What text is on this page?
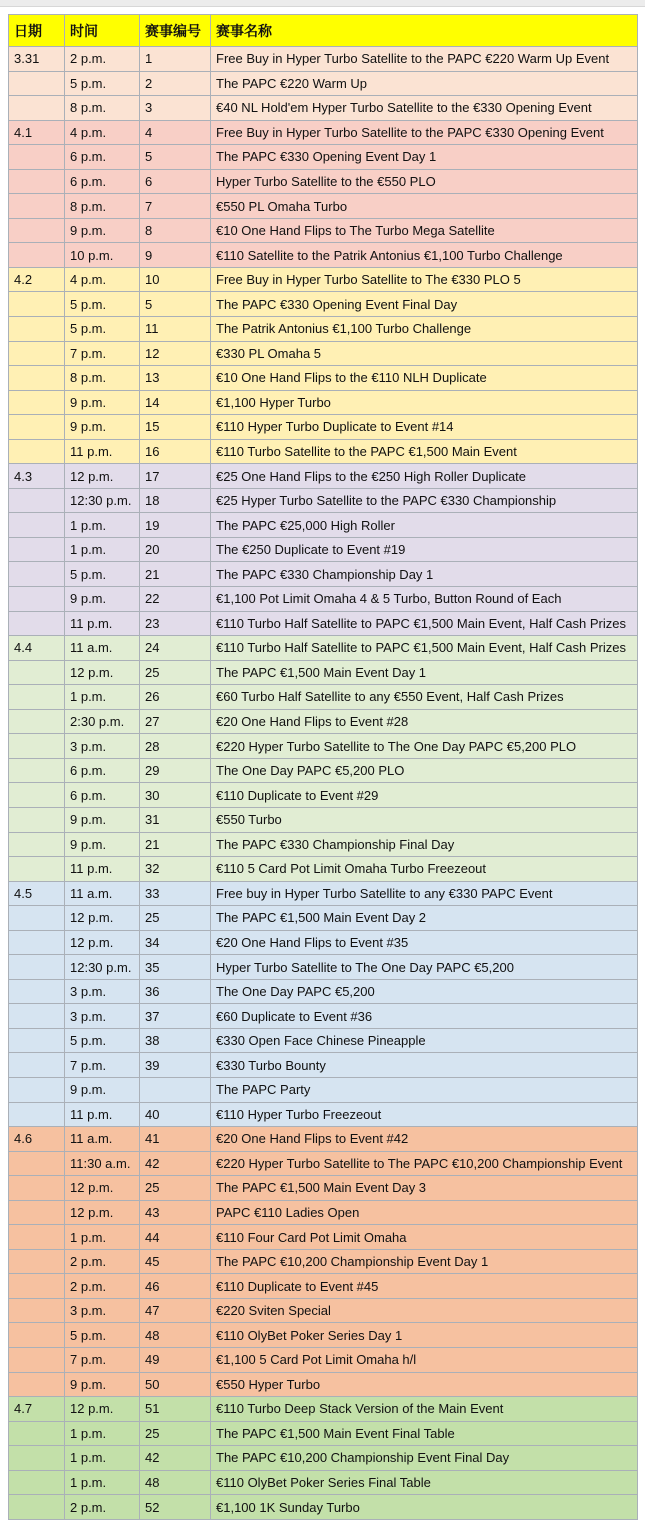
日期	时间	赛事编号	赛事名称
3.31	2 p.m.	1	Free Buy in Hyper Turbo Satellite to the PAPC €220 Warm Up Event
	5 p.m.	2	The PAPC €220 Warm Up
	8 p.m.	3	€40 NL Hold'em Hyper Turbo Satellite to the €330 Opening Event
4.1	4 p.m.	4	Free Buy in Hyper Turbo Satellite to the PAPC €330 Opening Event
	6 p.m.	5	The PAPC €330 Opening Event Day 1
	6 p.m.	6	Hyper Turbo Satellite to the €550 PLO
	8 p.m.	7	€550 PL Omaha Turbo
	9 p.m.	8	€10 One Hand Flips to The Turbo Mega Satellite
	10 p.m.	9	€110 Satellite to the Patrik Antonius €1,100 Turbo Challenge
4.2	4 p.m.	10	Free Buy in Hyper Turbo Satellite to The €330 PLO 5
	5 p.m.	5	The PAPC €330 Opening Event Final Day
	5 p.m.	11	The Patrik Antonius €1,100 Turbo Challenge
	7 p.m.	12	€330 PL Omaha 5
	8 p.m.	13	€10 One Hand Flips to the €110 NLH Duplicate
	9 p.m.	14	€1,100 Hyper Turbo
	9 p.m.	15	€110 Hyper Turbo Duplicate to Event #14
	11 p.m.	16	€110 Turbo Satellite to the PAPC €1,500 Main Event
4.3	12 p.m.	17	€25 One Hand Flips to the €250 High Roller Duplicate
	12:30 p.m.	18	€25 Hyper Turbo Satellite to the PAPC €330 Championship
	1 p.m.	19	The PAPC €25,000 High Roller
	1 p.m.	20	The €250 Duplicate to Event #19
	5 p.m.	21	The PAPC €330 Championship Day 1
	9 p.m.	22	€1,100 Pot Limit Omaha 4 & 5 Turbo, Button Round of Each
	11 p.m.	23	€110 Turbo Half Satellite to PAPC €1,500 Main Event, Half Cash Prizes
4.4	11 a.m.	24	€110 Turbo Half Satellite to PAPC €1,500 Main Event, Half Cash Prizes
	12 p.m.	25	The PAPC €1,500 Main Event Day 1
	1 p.m.	26	€60 Turbo Half Satellite to any €550 Event, Half Cash Prizes
	2:30 p.m.	27	€20 One Hand Flips to Event #28
	3 p.m.	28	€220 Hyper Turbo Satellite to The One Day PAPC €5,200 PLO
	6 p.m.	29	The One Day PAPC €5,200 PLO
	6 p.m.	30	€110 Duplicate to Event #29
	9 p.m.	31	€550 Turbo
	9 p.m.	21	The PAPC €330 Championship Final Day
	11 p.m.	32	€110 5 Card Pot Limit Omaha Turbo Freezeout
4.5	11 a.m.	33	Free buy in Hyper Turbo Satellite to any €330 PAPC Event
	12 p.m.	25	The PAPC €1,500 Main Event Day 2
	12 p.m.	34	€20 One Hand Flips to Event #35
	12:30 p.m.	35	Hyper Turbo Satellite to The One Day PAPC €5,200
	3 p.m.	36	The One Day PAPC €5,200
	3 p.m.	37	€60 Duplicate to Event #36
	5 p.m.	38	€330 Open Face Chinese Pineapple
	7 p.m.	39	€330 Turbo Bounty
	9 p.m.		The PAPC Party
	11 p.m.	40	€110 Hyper Turbo Freezeout
4.6	11 a.m.	41	€20 One Hand Flips to Event #42
	11:30 a.m.	42	€220 Hyper Turbo Satellite to The PAPC €10,200 Championship Event
	12 p.m.	25	The PAPC €1,500 Main Event Day 3
	12 p.m.	43	PAPC €110 Ladies Open
	1 p.m.	44	€110 Four Card Pot Limit Omaha
	2 p.m.	45	The PAPC €10,200 Championship Event Day 1
	2 p.m.	46	€110 Duplicate to Event #45
	3 p.m.	47	€220 Sviten Special
	5 p.m.	48	€110 OlyBet Poker Series Day 1
	7 p.m.	49	€1,100 5 Card Pot Limit Omaha h/l
	9 p.m.	50	€550 Hyper Turbo
4.7	12 p.m.	51	€110 Turbo Deep Stack Version of the Main Event
	1 p.m.	25	The PAPC €1,500 Main Event Final Table
	1 p.m.	42	The PAPC €10,200 Championship Event Final Day
	1 p.m.	48	€110 OlyBet Poker Series Final Table
	2 p.m.	52	€1,100 1K Sunday Turbo
